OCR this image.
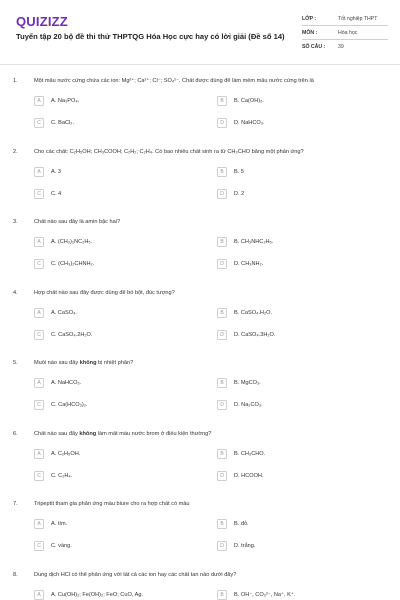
QUIZIZZ
Tuyển tập 20 bộ đề thi thử THPTQG Hóa Học cực hay có lời giải (Đề số 14)
LỚP :	Tốt nghiệp THPT
MÔN :	Hóa học
SỐ CÂU : 39
1.	Một mẫu nước cứng chứa các ion: Mg²⁺; Ca²⁺; Cl⁻; SO₄²⁻. Chất được dùng để làm mềm mẫu nước cứng trên là
A	A. Na₃PO₄.	B	B. Ca(OH)₂.
C	C. BaCl₂.	D	D. NaHCO₃.
2.	Cho các chất: C₂H₅OH; CH₃COOH; C₂H₂; C₂H₄. Có bao nhiêu chất sinh ra từ CH₃CHO bằng một phản ứng?
A	A. 3	B	B. 5
C	C. 4	D	D. 2
3.	Chất nào sau đây là amin bậc hai?
A	A. (CH₃)₂NC₂H₅.	B	B. CH₃NHC₂H₅.
C	C. (CH₃)₂CHNH₂.	D	D. CH₃NH₂.
4.	Hợp chất nào sau đây được dùng để bó bột, đúc tượng?
A	A. CaSO₄.	B	B. CaSO₄.H₂O.
C	C. CaSO₄.2H₂O.	D	D. CaSO₄.3H₂O.
5.	Muối nào sau đây không bị nhiệt phân?
A	A. NaHCO₃.	B	B. MgCO₃.
C	C. Ca(HCO₃)₂.	D	D. Na₂CO₃.
6.	Chất nào sau đây không làm mất màu nước brom ở điều kiện thường?
A	A. C₂H₅OH.	B	B. CH₃CHO.
C	C. C₂H₄.	D	D. HCOOH.
7.	Tripeptit tham gia phản ứng màu biure cho ra hợp chất có màu
A	A. tím.	B	B. đỏ.
C	C. vàng.	D	D. trắng.
8.	Dung dịch HCl có thể phản ứng với tất cả các ion hay các chất tan nào dưới đây?
A	A. Cu(OH)₂; Fe(OH)₂; FeO; CuO, Ag.	B	B. OH⁻, CO₃²⁻, Na⁺, K⁺.
